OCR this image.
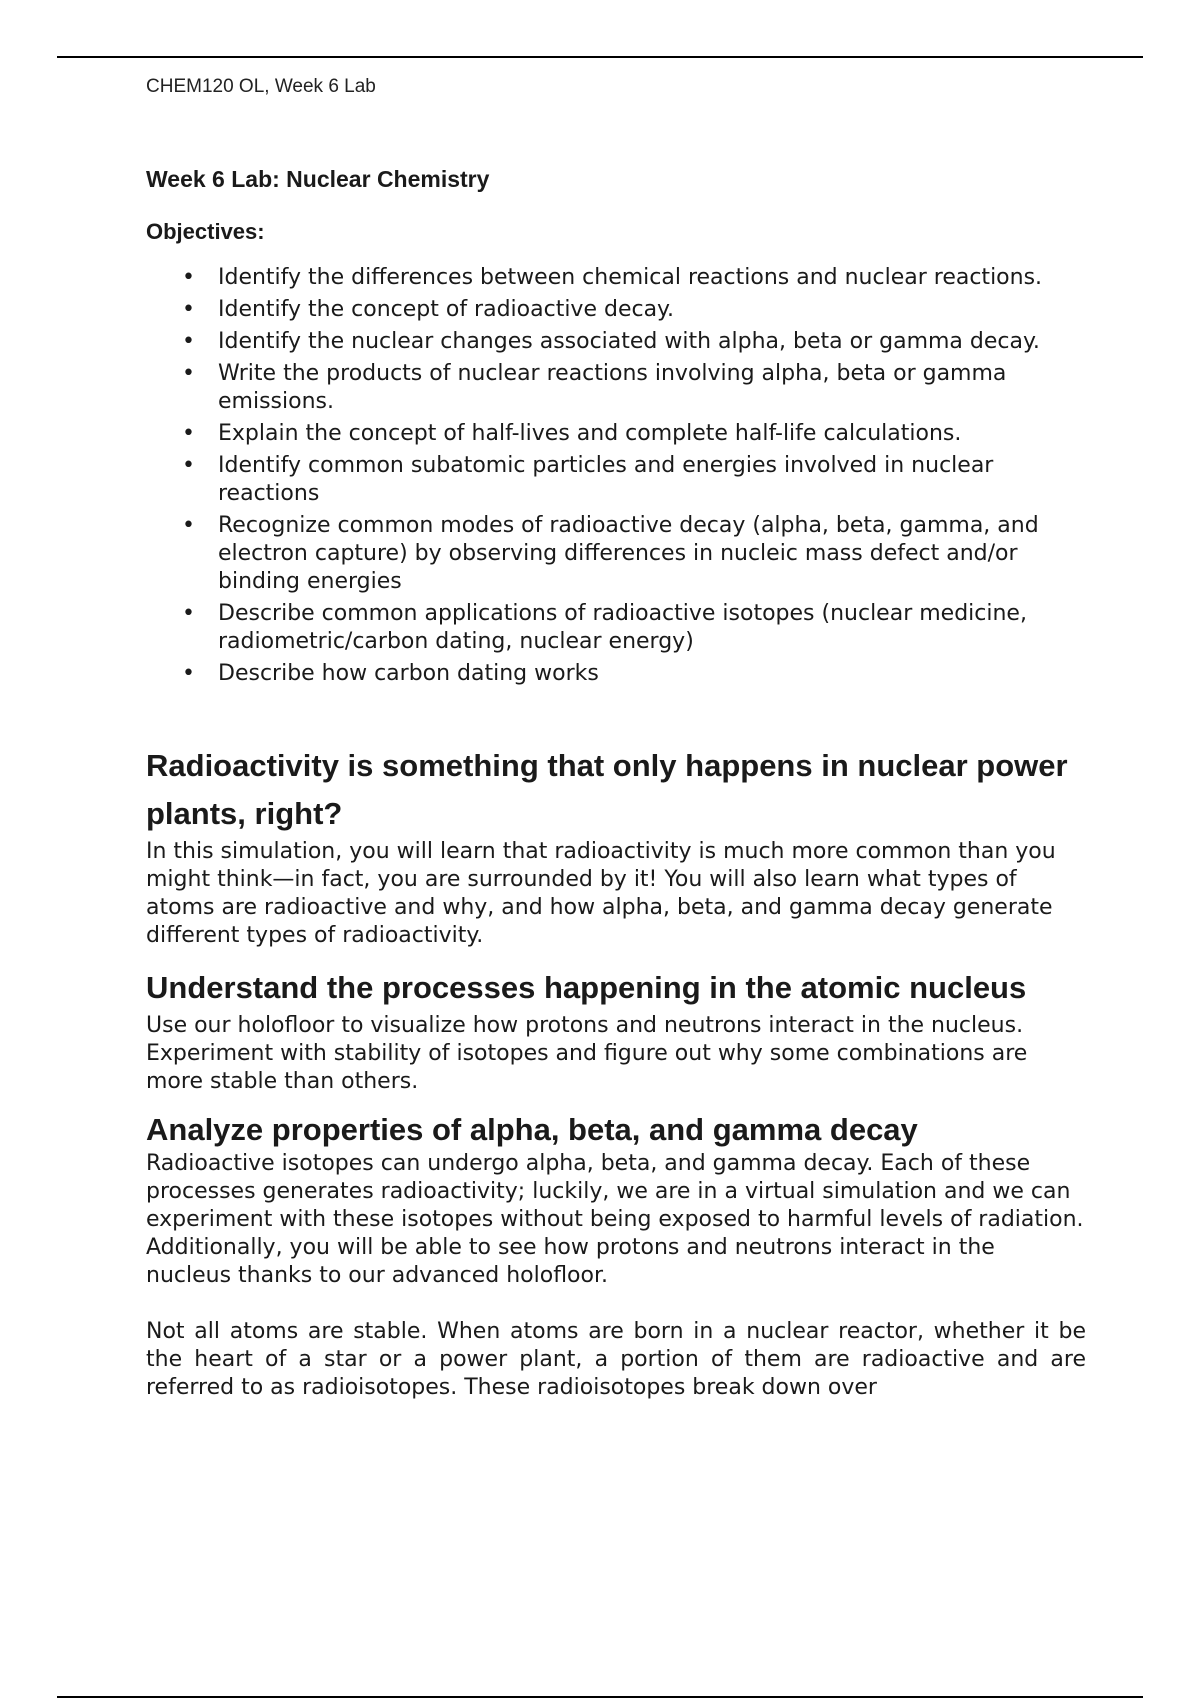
CHEM120 OL, Week 6 Lab
Week 6 Lab: Nuclear Chemistry
Objectives:
• Identify the differences between chemical reactions and nuclear reactions.
• Identify the concept of radioactive decay.
• Identify the nuclear changes associated with alpha, beta or gamma decay.
• Write the products of nuclear reactions involving alpha, beta or gamma emissions.
• Explain the concept of half-lives and complete half-life calculations.
• Identify common subatomic particles and energies involved in nuclear reactions
• Recognize common modes of radioactive decay (alpha, beta, gamma, and electron capture) by observing differences in nucleic mass defect and/or binding energies
• Describe common applications of radioactive isotopes (nuclear medicine, radiometric/carbon dating, nuclear energy)
• Describe how carbon dating works
Radioactivity is something that only happens in nuclear power plants, right?

In this simulation, you will learn that radioactivity is much more common than you might think—in fact, you are surrounded by it! You will also learn what types of atoms are radioactive and why, and how alpha, beta, and gamma decay generate different types of radioactivity.

Understand the processes happening in the atomic nucleus

Use our holofloor to visualize how protons and neutrons interact in the nucleus.

Experiment with stability of isotopes and figure out why some combinations are more stable than others.

Analyze properties of alpha, beta, and gamma decay

Radioactive isotopes can undergo alpha, beta, and gamma decay. Each of these processes generates radioactivity; luckily, we are in a virtual simulation and we can experiment with these isotopes without being exposed to harmful levels of radiation. Additionally, you will be able to see how protons and neutrons interact in the nucleus thanks to our advanced holofloor.

Not all atoms are stable. When atoms are born in a nuclear reactor, whether it be the heart of a star or a power plant, a portion of them are radioactive and are referred to as radioisotopes. These radioisotopes break down over
